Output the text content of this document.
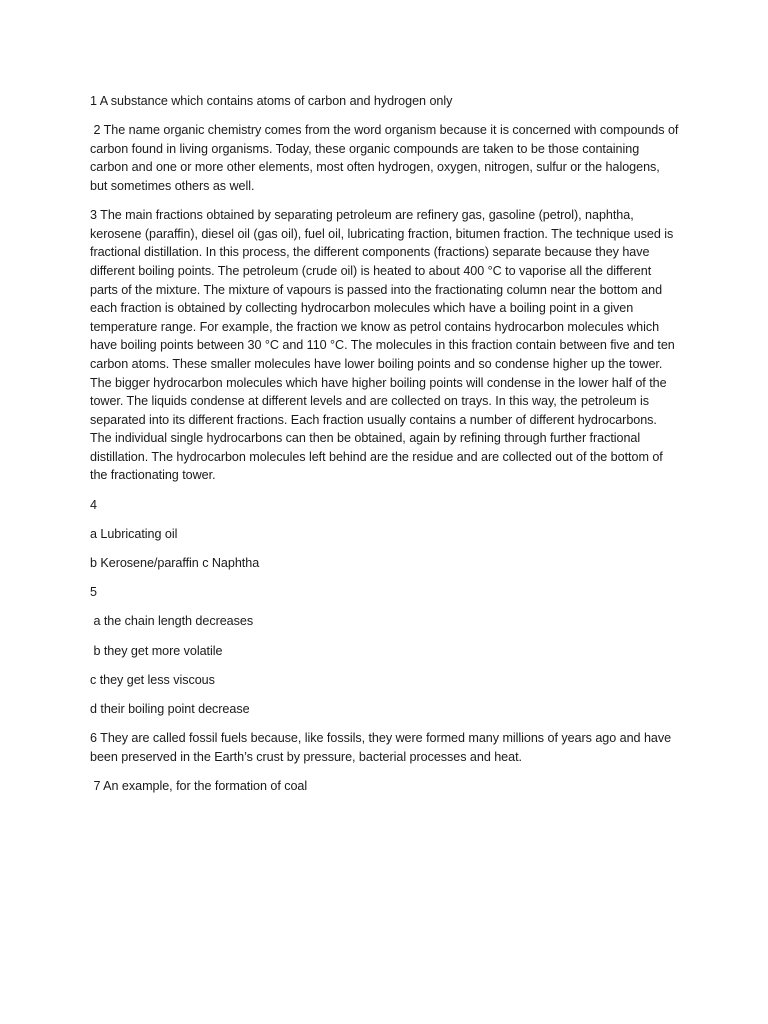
1 A substance which contains atoms of carbon and hydrogen only

2 The name organic chemistry comes from the word organism because it is concerned with compounds of carbon found in living organisms. Today, these organic compounds are taken to be those containing carbon and one or more other elements, most often hydrogen, oxygen, nitrogen, sulfur or the halogens, but sometimes others as well.

3 The main fractions obtained by separating petroleum are refinery gas, gasoline (petrol), naphtha, kerosene (paraffin), diesel oil (gas oil), fuel oil, lubricating fraction, bitumen fraction. The technique used is fractional distillation. In this process, the different components (fractions) separate because they have different boiling points. The petroleum (crude oil) is heated to about 400 °C to vaporise all the different parts of the mixture. The mixture of vapours is passed into the fractionating column near the bottom and each fraction is obtained by collecting hydrocarbon molecules which have a boiling point in a given temperature range. For example, the fraction we know as petrol contains hydrocarbon molecules which have boiling points between 30 °C and 110 °C. The molecules in this fraction contain between five and ten carbon atoms. These smaller molecules have lower boiling points and so condense higher up the tower. The bigger hydrocarbon molecules which have higher boiling points will condense in the lower half of the tower. The liquids condense at different levels and are collected on trays. In this way, the petroleum is separated into its different fractions. Each fraction usually contains a number of different hydrocarbons. The individual single hydrocarbons can then be obtained, again by refining through further fractional distillation. The hydrocarbon molecules left behind are the residue and are collected out of the bottom of the fractionating tower.

4

a Lubricating oil

b Kerosene/paraffin c Naphtha

5

a the chain length decreases

b they get more volatile

c they get less viscous

d their boiling point decrease

6 They are called fossil fuels because, like fossils, they were formed many millions of years ago and have been preserved in the Earth’s crust by pressure, bacterial processes and heat.

7 An example, for the formation of coal
